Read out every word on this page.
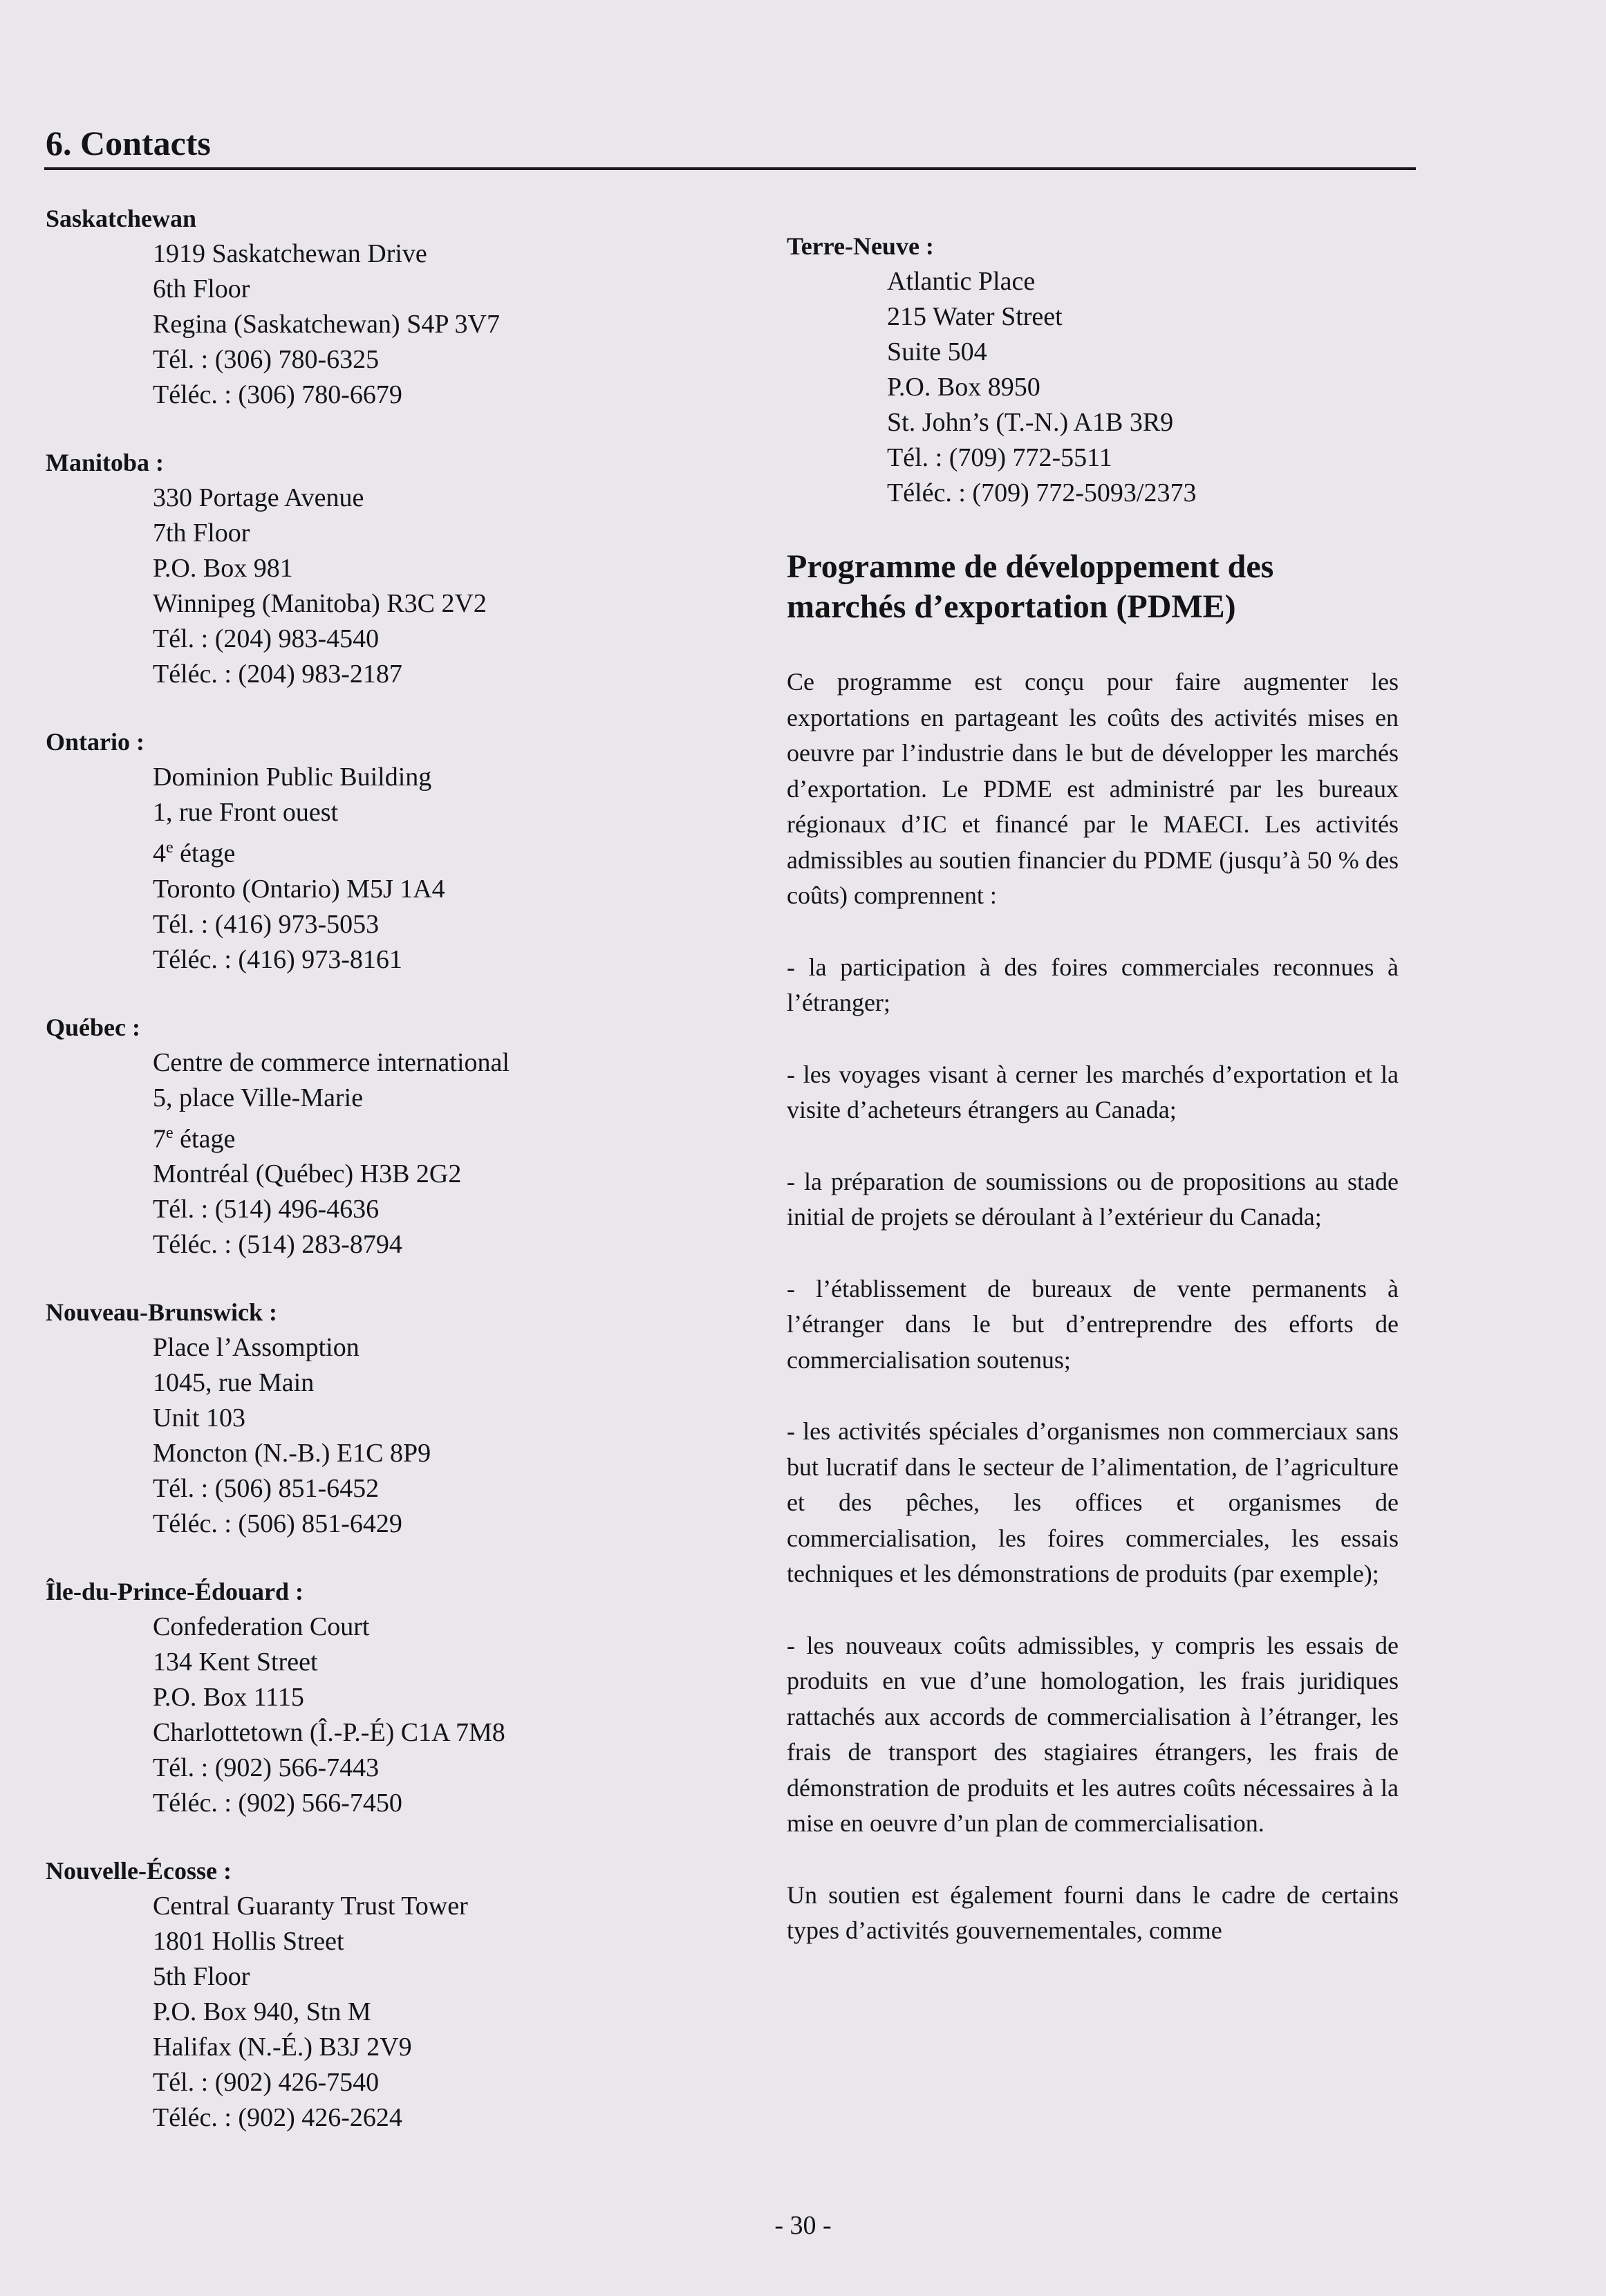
6. Contacts
Saskatchewan
1919 Saskatchewan Drive
6th Floor
Regina (Saskatchewan) S4P 3V7
Tél. : (306) 780-6325
Téléc. : (306) 780-6679
Manitoba :
330 Portage Avenue
7th Floor
P.O. Box 981
Winnipeg (Manitoba) R3C 2V2
Tél. : (204) 983-4540
Téléc. : (204) 983-2187
Ontario :
Dominion Public Building
1, rue Front ouest
4e étage
Toronto (Ontario) M5J 1A4
Tél. : (416) 973-5053
Téléc. : (416) 973-8161
Québec :
Centre de commerce international
5, place Ville-Marie
7e étage
Montréal (Québec) H3B 2G2
Tél. : (514) 496-4636
Téléc. : (514) 283-8794
Nouveau-Brunswick :
Place l’Assomption
1045, rue Main
Unit 103
Moncton (N.-B.) E1C 8P9
Tél. : (506) 851-6452
Téléc. : (506) 851-6429
Île-du-Prince-Édouard :
Confederation Court
134 Kent Street
P.O. Box 1115
Charlottetown (Î.-P.-É) C1A 7M8
Tél. : (902) 566-7443
Téléc. : (902) 566-7450
Nouvelle-Écosse :
Central Guaranty Trust Tower
1801 Hollis Street
5th Floor
P.O. Box 940, Stn M
Halifax (N.-É.) B3J 2V9
Tél. : (902) 426-7540
Téléc. : (902) 426-2624
Terre-Neuve :
Atlantic Place
215 Water Street
Suite 504
P.O. Box 8950
St. John’s (T.-N.) A1B 3R9
Tél. : (709) 772-5511
Téléc. : (709) 772-5093/2373
Programme de développement des marchés d’exportation (PDME)

Ce programme est conçu pour faire augmenter les exportations en partageant les coûts des activités mises en oeuvre par l’industrie dans le but de développer les marchés d’exportation. Le PDME est administré par les bureaux régionaux d’IC et financé par le MAECI. Les activités admissibles au soutien financier du PDME (jusqu’à 50 % des coûts) comprennent :

- la participation à des foires commerciales reconnues à l’étranger;

- les voyages visant à cerner les marchés d’exportation et la visite d’acheteurs étrangers au Canada;

- la préparation de soumissions ou de propositions au stade initial de projets se déroulant à l’extérieur du Canada;

- l’établissement de bureaux de vente permanents à l’étranger dans le but d’entreprendre des efforts de commercialisation soutenus;

- les activités spéciales d’organismes non commerciaux sans but lucratif dans le secteur de l’alimentation, de l’agriculture et des pêches, les offices et organismes de commercialisation, les foires commerciales, les essais techniques et les démonstrations de produits (par exemple);

- les nouveaux coûts admissibles, y compris les essais de produits en vue d’une homologation, les frais juridiques rattachés aux accords de commercialisation à l’étranger, les frais de transport des stagiaires étrangers, les frais de démonstration de produits et les autres coûts nécessaires à la mise en oeuvre d’un plan de commercialisation.

Un soutien est également fourni dans le cadre de certains types d’activités gouvernementales, comme

- 30 -
